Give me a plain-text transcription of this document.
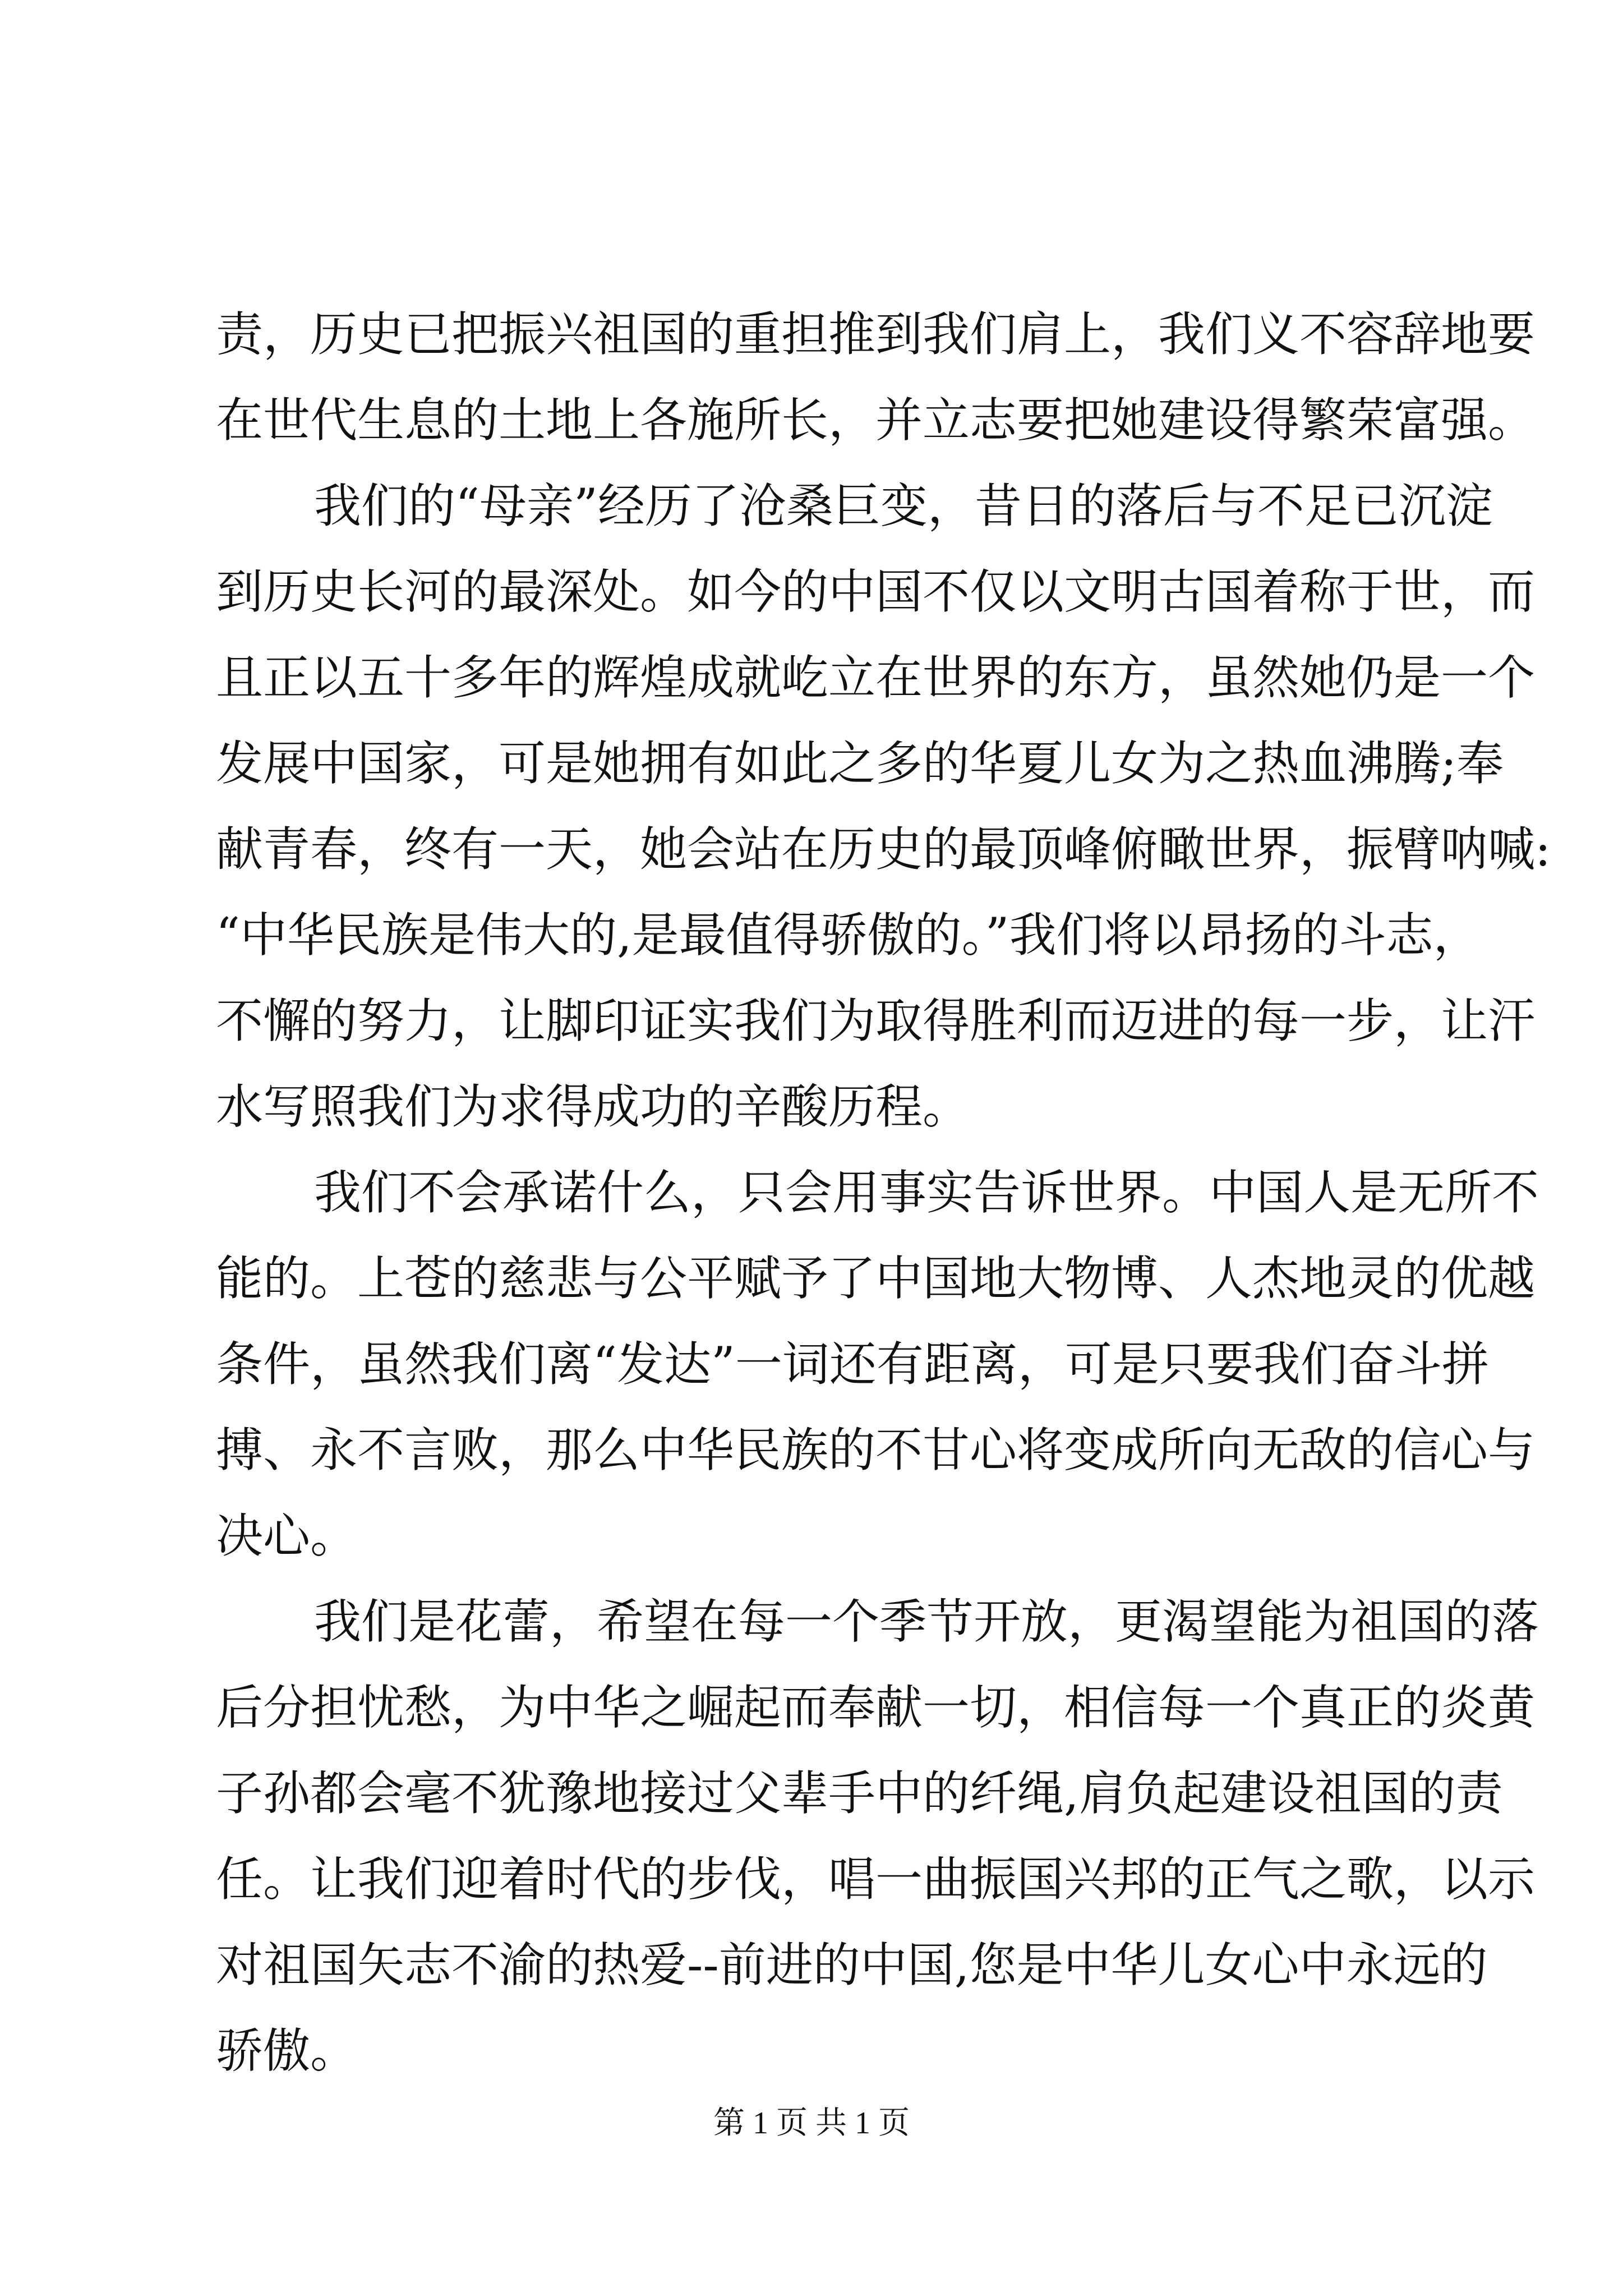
责，历史已把振兴祖国的重担推到我们肩上，我们义不容辞地要
在世代生息的土地上各施所长，并立志要把她建设得繁荣富强。
我们的“母亲”经历了沧桑巨变，昔日的落后与不足已沉淀
到历史长河的最深处。如今的中国不仅以文明古国着称于世，而
且正以五十多年的辉煌成就屹立在世界的东方，虽然她仍是一个
发展中国家，可是她拥有如此之多的华夏儿女为之热血沸腾;奉
献青春，终有一天，她会站在历史的最顶峰俯瞰世界，振臂呐喊:
“中华民族是伟大的,是最值得骄傲的。”我们将以昂扬的斗志，
不懈的努力，让脚印证实我们为取得胜利而迈进的每一步，让汗
水写照我们为求得成功的辛酸历程。
我们不会承诺什么，只会用事实告诉世界。中国人是无所不
能的。上苍的慈悲与公平赋予了中国地大物博、人杰地灵的优越
条件，虽然我们离“发达”一词还有距离，可是只要我们奋斗拼
搏、永不言败，那么中华民族的不甘心将变成所向无敌的信心与
决心。
我们是花蕾，希望在每一个季节开放，更渴望能为祖国的落
后分担忧愁，为中华之崛起而奉献一切，相信每一个真正的炎黄
子孙都会毫不犹豫地接过父辈手中的纤绳,肩负起建设祖国的责
任。让我们迎着时代的步伐，唱一曲振国兴邦的正气之歌，以示
对祖国矢志不渝的热爱--前进的中国,您是中华儿女心中永远的
骄傲。
第 1 页 共 1 页
